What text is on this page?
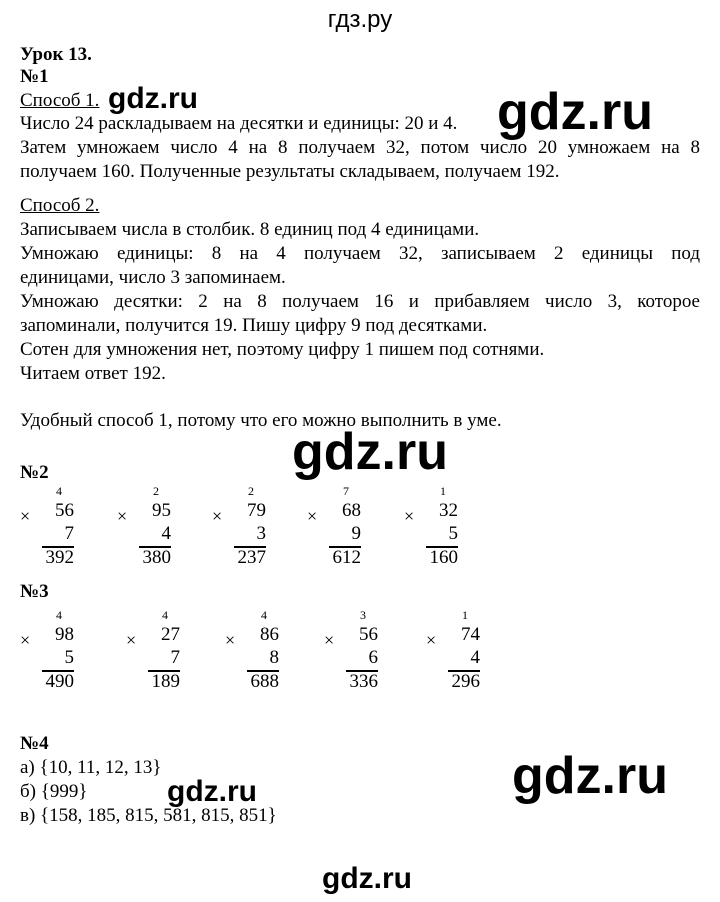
гдз.ру
gdz.ru	gdz.ru
gdz.ru
gdz.ru
gdz.ru
gdz.ru
Урок 13.
№1
Способ 1.
Число 24 раскладываем на десятки и единицы: 20 и 4.
Затем умножаем число 4 на 8 получаем 32, потом число 20 умножаем на 8
получаем 160. Полученные результаты складываем, получаем 192.
Способ 2.
Записываем числа в столбик. 8 единиц под 4 единицами.
Умножаю единицы: 8 на 4 получаем 32, записываем 2 единицы под
единицами, число 3 запоминаем.
Умножаю десятки: 2 на 8 получаем 16 и прибавляем число 3, которое
запоминали, получится 19. Пишу цифру 9 под десятками.
Сотен для умножения нет, поэтому цифру 1 пишем под сотнями.
Читаем ответ 192.
Удобный способ 1, потому что его можно выполнить в уме.
№2
4
×	56
7
392
2
×	95
4
380
2
×	79
3
237
7
×	68
9
612
1
×	32
5
160
№3
4
×	98
5
490
4
×	27
7
189
4
×	86
8
688
3
×	56
6
336
1
×	74
4
296
№4
а) {10, 11, 12, 13}
б) {999}
в) {158, 185, 815, 581, 815, 851}
